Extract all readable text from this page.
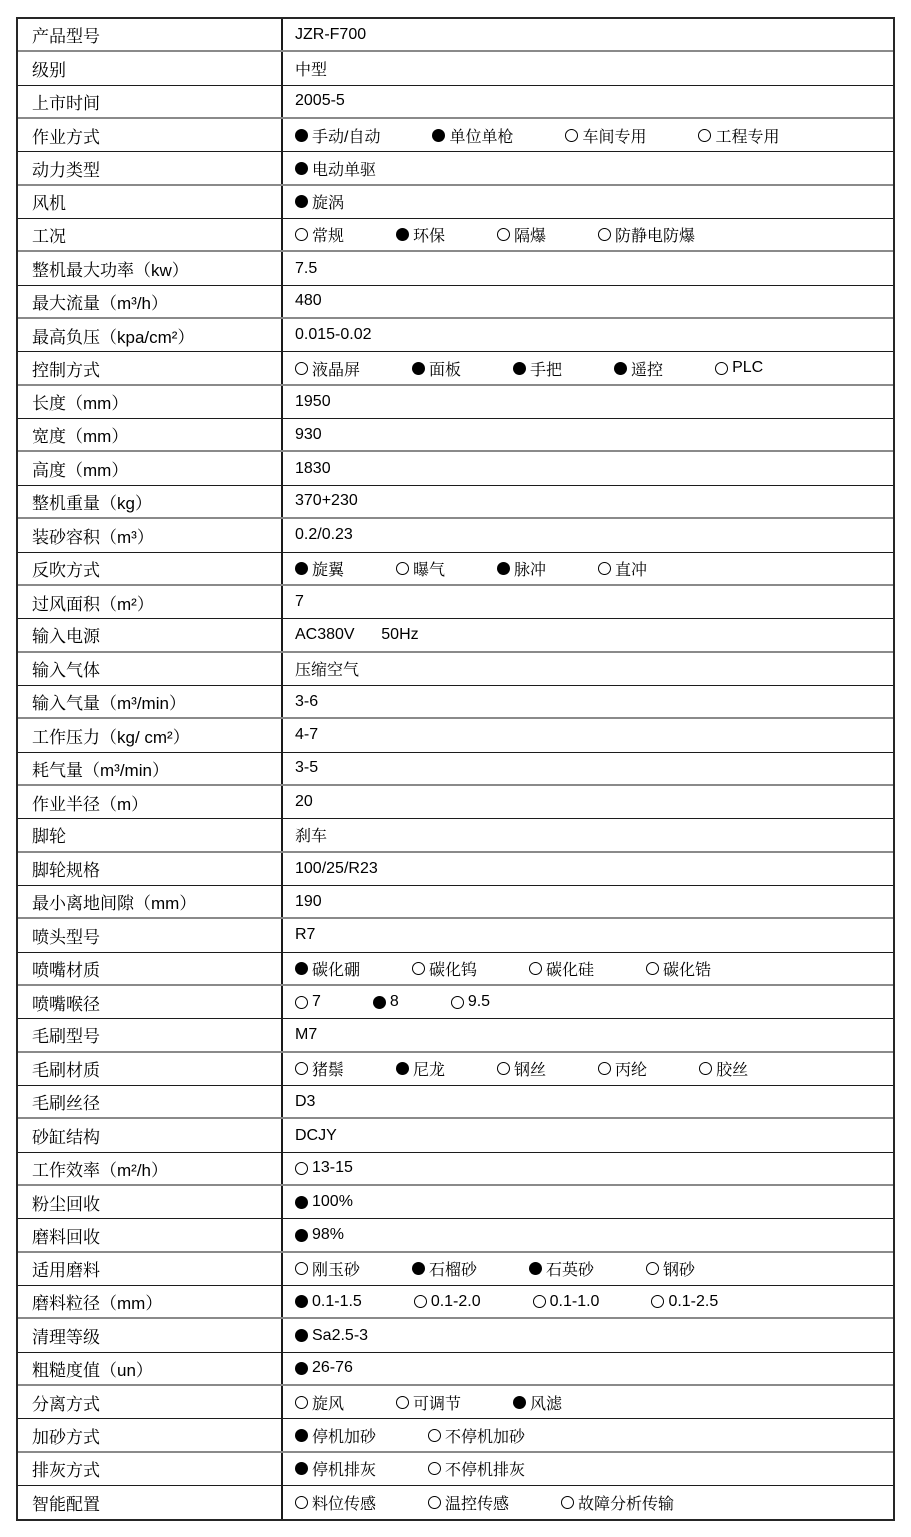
产品型号	JZR-F700
级别	中型
上市时间	2005-5
作业方式	手动/自动	单位单枪	车间专用	工程专用
动力类型	电动单驱
风机	旋涡
工况	常规	环保	隔爆	防静电防爆
整机最大功率（kw）	7.5
最大流量（m³/h）	480
最高负压（kpa/cm²）	0.015-0.02
控制方式	液晶屏	面板	手把	遥控	PLC
长度（mm）	1950
宽度（mm）	930
高度（mm）	1830
整机重量（kg）	370+230
装砂容积（m³）	0.2/0.23
反吹方式	旋翼	曝气	脉冲	直冲
过风面积（m²）	7
输入电源	AC380V      50Hz
输入气体	压缩空气
输入气量（m³/min）	3-6
工作压力（kg/ cm²）	4-7
耗气量（m³/min）	3-5
作业半径（m）	20
脚轮	刹车
脚轮规格	100/25/R23
最小离地间隙（mm）	190
喷头型号	R7
喷嘴材质	碳化硼	碳化钨	碳化硅	碳化锆
喷嘴喉径	7	8	9.5
毛刷型号	M7
毛刷材质	猪鬃	尼龙	钢丝	丙纶	胶丝
毛刷丝径	D3
砂缸结构	DCJY
工作效率（m²/h）	13-15
粉尘回收	100%
磨料回收	98%
适用磨料	刚玉砂	石榴砂	石英砂	钢砂
磨料粒径（mm）	0.1-1.5	0.1-2.0	0.1-1.0	0.1-2.5
清理等级	Sa2.5-3
粗糙度值（un）	26-76
分离方式	旋风	可调节	风滤
加砂方式	停机加砂	不停机加砂
排灰方式	停机排灰	不停机排灰
智能配置	料位传感	温控传感	故障分析传输
